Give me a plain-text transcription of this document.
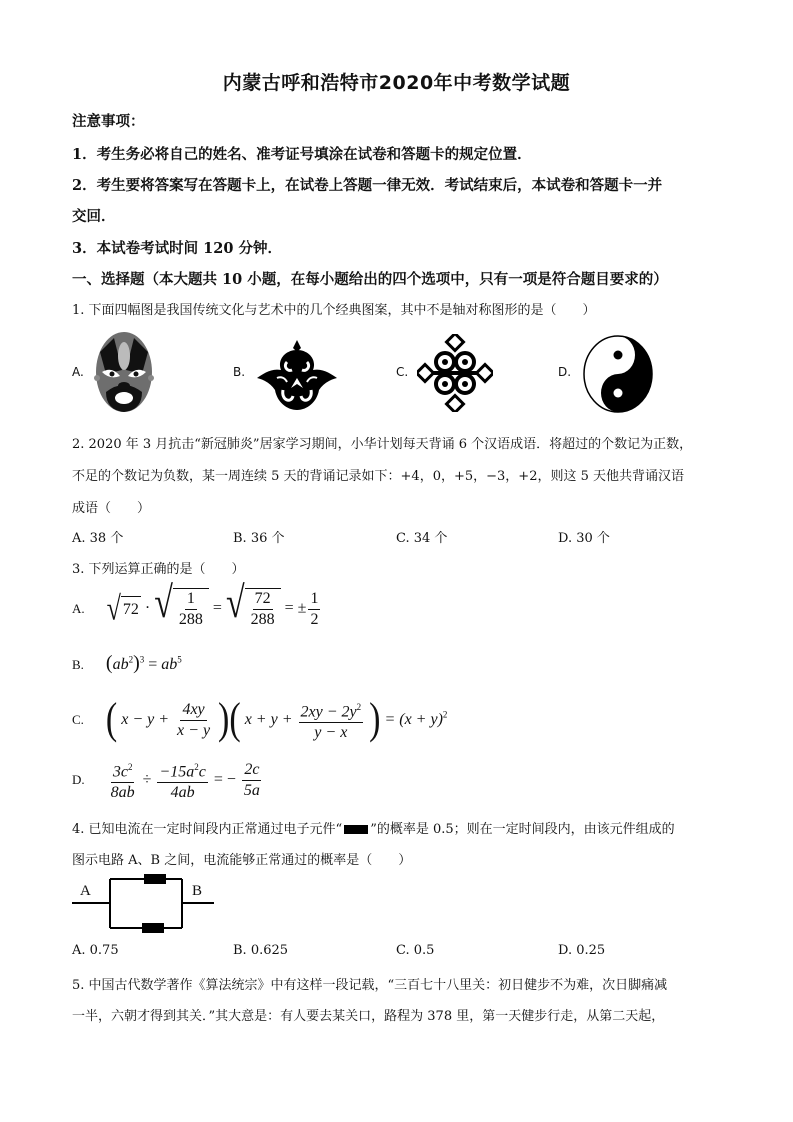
内蒙古呼和浩特市2020年中考数学试题
注意事项：
1．考生务必将自己的姓名、准考证号填涂在试卷和答题卡的规定位置．
2．考生要将答案写在答题卡上，在试卷上答题一律无效．考试结束后，本试卷和答题卡一并
交回．
3．本试卷考试时间 120 分钟．
一、选择题（本大题共 10 小题，在每小题给出的四个选项中，只有一项是符合题目要求的）
1. 下面四幅图是我国传统文化与艺术中的几个经典图案，其中不是轴对称图形的是（　　）
A.	B.	C.	D.
2. 2020 年 3 月抗击“新冠肺炎”居家学习期间，小华计划每天背诵 6 个汉语成语．将超过的个数记为正数，
不足的个数记为负数，某一周连续 5 天的背诵记录如下：+4，0，+5，−3，+2，则这 5 天他共背诵汉语
成语（　　）
A. 38 个	B. 36 个	C. 34 个	D. 30 个
3. 下列运算正确的是（　　）
A. √ 72 · √ $\frac{1}{288}$ = √ $\frac{72}{288}$ = ± $\frac{1}{2}$
B. $(ab^2)^3 = ab^5$
C. ( $x - y + \frac{4xy}{x - y}$ )( $x + y + \frac{2xy - 2y^2}{y - x}$ ) = $(x + y)^2$
D. $\frac{3c^2}{8ab} \div \frac{-15a^2c}{4ab}$ = − $\frac{2c}{5a}$
4. 已知电流在一定时间段内正常通过电子元件“ ”的概率是 0.5；则在一定时间段内，由该元件组成的
图示电路 A、B 之间，电流能够正常通过的概率是（　　）
A	B
A. 0.75	B. 0.625	C. 0.5	D. 0.25
5. 中国古代数学著作《算法统宗》中有这样一段记载，“三百七十八里关：初日健步不为难，次日脚痛减
一半，六朝才得到其关．”其大意是：有人要去某关口，路程为 378 里，第一天健步行走，从第二天起，
